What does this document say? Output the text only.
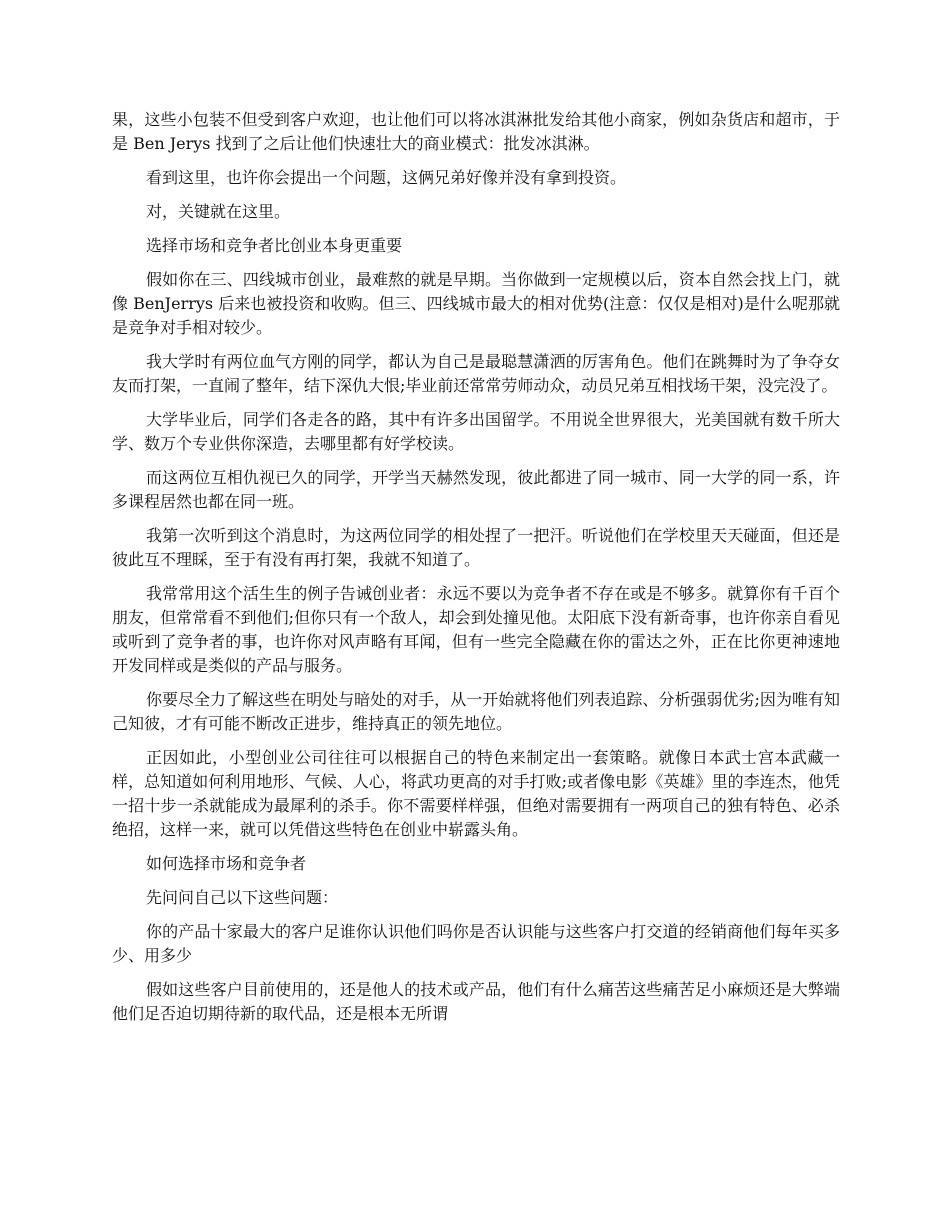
果，这些小包装不但受到客户欢迎，也让他们可以将冰淇淋批发给其他小商家，例如杂货店和超市，于是 Ben Jerys 找到了之后让他们快速壮大的商业模式：批发冰淇淋。

看到这里，也许你会提出一个问题，这俩兄弟好像并没有拿到投资。

对，关键就在这里。

选择市场和竞争者比创业本身更重要

假如你在三、四线城市创业，最难熬的就是早期。当你做到一定规模以后，资本自然会找上门，就像 BenJerrys 后来也被投资和收购。但三、四线城市最大的相对优势(注意：仅仅是相对)是什么呢那就是竞争对手相对较少。

我大学时有两位血气方刚的同学，都认为自己是最聪慧潇洒的厉害角色。他们在跳舞时为了争夺女友而打架，一直闹了整年，结下深仇大恨;毕业前还常常劳师动众，动员兄弟互相找场干架，没完没了。

大学毕业后，同学们各走各的路，其中有许多出国留学。不用说全世界很大，光美国就有数千所大学、数万个专业供你深造，去哪里都有好学校读。

而这两位互相仇视已久的同学，开学当天赫然发现，彼此都进了同一城市、同一大学的同一系，许多课程居然也都在同一班。

我第一次听到这个消息时，为这两位同学的相处捏了一把汗。听说他们在学校里天天碰面，但还是彼此互不理睬，至于有没有再打架，我就不知道了。

我常常用这个活生生的例子告诫创业者：永远不要以为竞争者不存在或是不够多。就算你有千百个朋友，但常常看不到他们;但你只有一个敌人，却会到处撞见他。太阳底下没有新奇事，也许你亲自看见或听到了竞争者的事，也许你对风声略有耳闻，但有一些完全隐藏在你的雷达之外，正在比你更神速地开发同样或是类似的产品与服务。

你要尽全力了解这些在明处与暗处的对手，从一开始就将他们列表追踪、分析强弱优劣;因为唯有知己知彼，才有可能不断改正进步，维持真正的领先地位。

正因如此，小型创业公司往往可以根据自己的特色来制定出一套策略。就像日本武士宫本武藏一样，总知道如何利用地形、气候、人心，将武功更高的对手打败;或者像电影《英雄》里的李连杰，他凭一招十步一杀就能成为最犀利的杀手。你不需要样样强，但绝对需要拥有一两项自己的独有特色、必杀绝招，这样一来，就可以凭借这些特色在创业中崭露头角。

如何选择市场和竞争者

先问问自己以下这些问题：

你的产品十家最大的客户足谁你认识他们吗你是否认识能与这些客户打交道的经销商他们每年买多少、用多少

假如这些客户目前使用的，还是他人的技术或产品，他们有什么痛苦这些痛苦足小麻烦还是大弊端他们足否迫切期待新的取代品，还是根本无所谓
